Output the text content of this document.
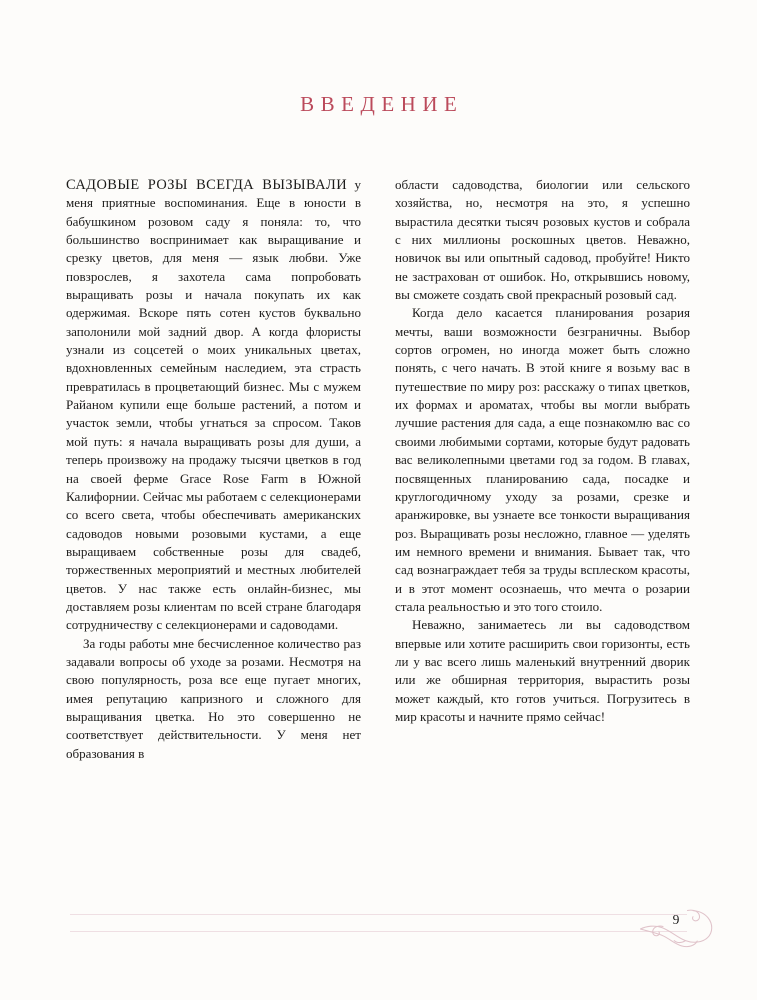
ВВЕДЕНИЕ

САДОВЫЕ РОЗЫ ВСЕГДА ВЫЗЫВАЛИ у меня приятные воспоминания. Еще в юности в бабушкином розовом саду я поняла: то, что большинство воспринимает как выращивание и срезку цветов, для меня — язык любви. Уже повзрослев, я захотела сама попробовать выращивать розы и начала покупать их как одержимая. Вскоре пять сотен кустов буквально заполонили мой задний двор. А когда флористы узнали из соцсетей о моих уникальных цветах, вдохновленных семейным наследием, эта страсть превратилась в процветающий бизнес. Мы с мужем Райаном купили еще больше растений, а потом и участок земли, чтобы угнаться за спросом. Таков мой путь: я начала выращивать розы для души, а теперь произвожу на продажу тысячи цветков в год на своей ферме Grace Rose Farm в Южной Калифорнии. Сейчас мы работаем с селекционерами со всего света, чтобы обеспечивать американских садоводов новыми розовыми кустами, а еще выращиваем собственные розы для свадеб, торжественных мероприятий и местных любителей цветов. У нас также есть онлайн-бизнес, мы доставляем розы клиентам по всей стране благодаря сотрудничеству с селекционерами и садоводами.

За годы работы мне бесчисленное количество раз задавали вопросы об уходе за розами. Несмотря на свою популярность, роза все еще пугает многих, имея репутацию капризного и сложного для выращивания цветка. Но это совершенно не соответствует действительности. У меня нет образования в

области садоводства, биологии или сельского хозяйства, но, несмотря на это, я успешно вырастила десятки тысяч розовых кустов и собрала с них миллионы роскошных цветов. Неважно, новичок вы или опытный садовод, пробуйте! Никто не застрахован от ошибок. Но, открывшись новому, вы сможете создать свой прекрасный розовый сад.

Когда дело касается планирования розария мечты, ваши возможности безграничны. Выбор сортов огромен, но иногда может быть сложно понять, с чего начать. В этой книге я возьму вас в путешествие по миру роз: расскажу о типах цветков, их формах и ароматах, чтобы вы могли выбрать лучшие растения для сада, а еще познакомлю вас со своими любимыми сортами, которые будут радовать вас великолепными цветами год за годом. В главах, посвященных планированию сада, посадке и круглогодичному уходу за розами, срезке и аранжировке, вы узнаете все тонкости выращивания роз. Выращивать розы несложно, главное — уделять им немного времени и внимания. Бывает так, что сад вознаграждает тебя за труды всплеском красоты, и в этот момент осознаешь, что мечта о розарии стала реальностью и это того стоило.

Неважно, занимаетесь ли вы садоводством впервые или хотите расширить свои горизонты, есть ли у вас всего лишь маленький внутренний дворик или же обширная территория, вырастить розы может каждый, кто готов учиться. Погрузитесь в мир красоты и начните прямо сейчас!

9
